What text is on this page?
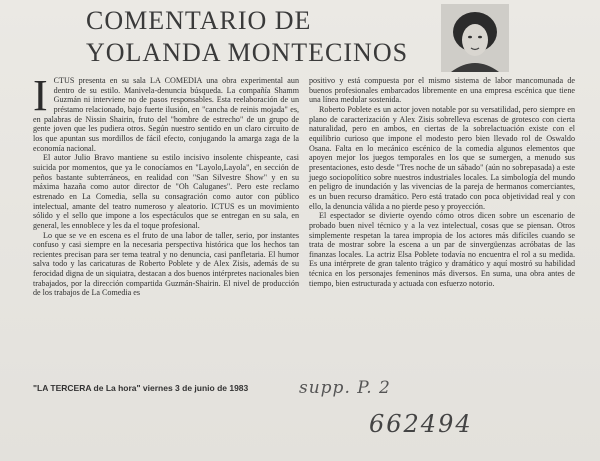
COMENTARIO DE
YOLANDA MONTECINOS
I CTUS presenta en su sala LA COMEDIA una obra experimental aun dentro de su estilo. Manivela-denuncia búsqueda. La compañía Shamm Guzmán ni interviene no de pasos responsables. Esta reelaboración de un préstamo relacionado, bajo fuerte ilusión, en "cancha de reinis mojada" es, en palabras de Nissin Shairin, fruto del "hombre de estrecho" de un grupo de gente joven que les pudiera otros. Según nuestro sentido en un claro circuito de los que apuntan sus mordillos de fácil efecto, conjugando la amarga zaga de la economía nacional.

El autor Julio Bravo mantiene su estilo incisivo insolente chispeante, casi suicida por momentos, que ya le conocíamos en "Layolo,Layola", en sección de peños bastante subterráneos, en realidad con "San Silvestre Show" y en su máxima hazaña como autor director de "Oh Caluganes". Pero este reclamo estrenado en La Comedia, sella su consagración como autor con público intelectual, amante del teatro numeroso y aleatorio. ICTUS es un movimiento sólido y el sello que impone a los espectáculos que se entregan en su sala, en general, les ennoblece y les da el toque profesional.

Lo que se ve en escena es el fruto de una labor de taller, serio, por instantes confuso y casi siempre en la necesaria perspectiva histórica que los hechos tan recientes precisan para ser tema teatral y no denuncia, casi panfletaria. El humor salva todo y las caricaturas de Roberto Poblete y de Alex Zisis, además de su ferocidad digna de un siquiatra, destacan a dos buenos intérpretes nacionales bien trabajados, por la dirección compartida Guzmán-Shairin. El nivel de producción de los trabajos de La Comedia es

positivo y está compuesta por el mismo sistema de labor mancomunada de buenos profesionales embarcados libremente en una empresa escénica que tiene una línea medular sostenida.

Roberto Poblete es un actor joven notable por su versatilidad, pero siempre en plano de caracterización y Alex Zisis sobrelleva escenas de grotesco con cierta naturalidad, pero en ambos, en ciertas de la sobrelactuación existe con el equilibrio curioso que impone el modesto pero bien llevado rol de Oswaldo Osana. Falta en lo mecánico escénico de la comedia algunos elementos que apoyen mejor los juegos temporales en los que se sumergen, a menudo sus presentaciones, esto desde "Tres noche de un sábado" (aún no sobrepasada) a este juego sociopolítico sobre nuestros industriales locales. La simbología del mundo en peligro de inundación y las vivencias de la pareja de hermanos comerciantes, es un buen recurso dramático. Pero está tratado con poca objetividad real y con ello, la denuncia válida a no pierde peso y proyección.

El espectador se divierte oyendo cómo otros dicen sobre un escenario de probado buen nivel técnico y a la vez intelectual, cosas que se piensan. Otros simplemente respetan la tarea impropia de los actores más difíciles cuando se trata de mostrar sobre la escena a un par de sinvergüenzas acróbatas de las finanzas locales. La actriz Elsa Poblete todavía no encuentra el rol a su medida. Es una intérprete de gran talento trágico y dramático y aquí mostró su habilidad técnica en los personajes femeninos más diversos. En suma, una obra antes de tiempo, bien estructurada y actuada con esfuerzo notorio.

"LA TERCERA de La hora" viernes 3 de junio de 1983	supp. P. 2
662494
